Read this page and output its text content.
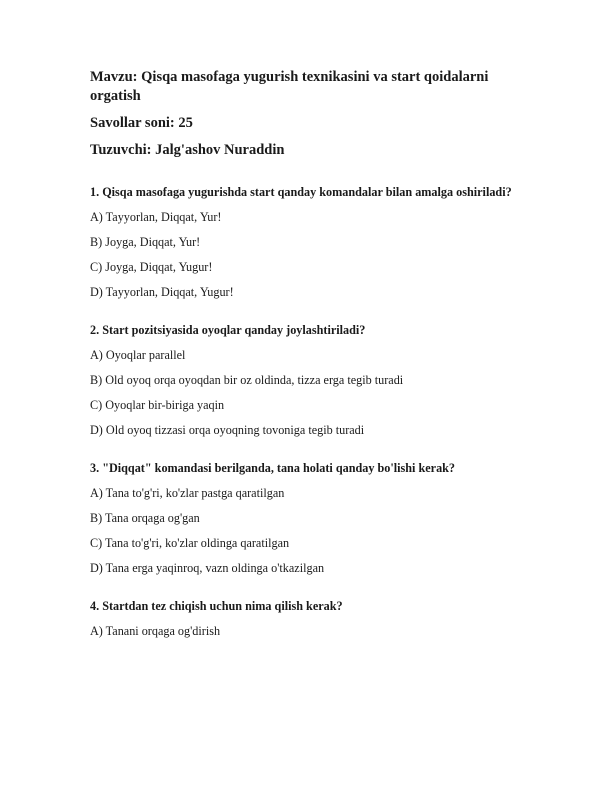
Mavzu: Qisqa masofaga yugurish texnikasini va start qoidalarni orgatish

Savollar soni: 25

Tuzuvchi: Jalg'ashov Nuraddin

1. Qisqa masofaga yugurishda start qanday komandalar bilan amalga oshiriladi?

A) Tayyorlan, Diqqat, Yur!

B) Joyga, Diqqat, Yur!

C) Joyga, Diqqat, Yugur!

D) Tayyorlan, Diqqat, Yugur!

2. Start pozitsiyasida oyoqlar qanday joylashtiriladi?

A) Oyoqlar parallel

B) Old oyoq orqa oyoqdan bir oz oldinda, tizza erga tegib turadi

C) Oyoqlar bir-biriga yaqin

D) Old oyoq tizzasi orqa oyoqning tovoniga tegib turadi

3. "Diqqat" komandasi berilganda, tana holati qanday bo'lishi kerak?

A) Tana to'g'ri, ko'zlar pastga qaratilgan

B) Tana orqaga og'gan

C) Tana to'g'ri, ko'zlar oldinga qaratilgan

D) Tana erga yaqinroq, vazn oldinga o'tkazilgan

4. Startdan tez chiqish uchun nima qilish kerak?

A) Tanani orqaga og'dirish
